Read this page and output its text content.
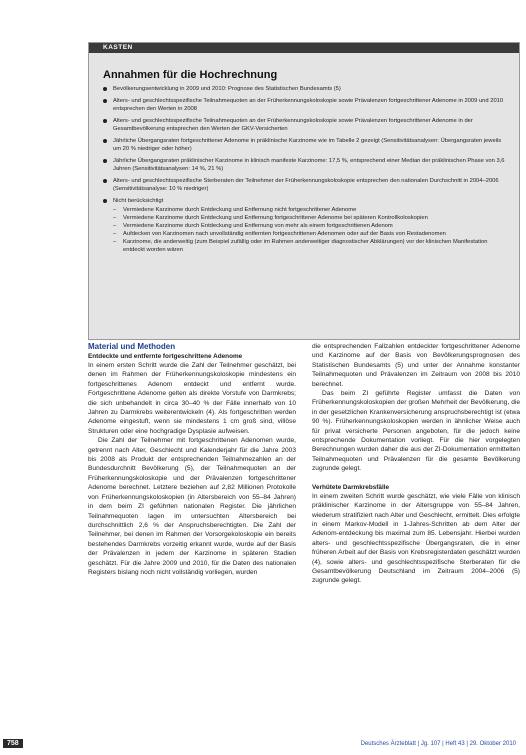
KASTEN
Annahmen für die Hochrechnung
Bevölkerungsentwicklung in 2009 und 2010: Prognose des Statistischen Bundesamts (5)
Alters- und geschlechtsspezifische Teilnahmequoten an der Früherkennungskoloskopie sowie Prävalenzen fortgeschrittener Adenome in 2009 und 2010 entsprechen den Werten in 2008
Alters- und geschlechtsspezifische Teilnahmequoten an der Früherkennungskoloskopie sowie Prävalenzen fortgeschrittener Adenome in der Gesamtbevölkerung entsprechen den Werten der GKV-Versicherten
Jährliche Übergangsraten fortgeschrittener Adenome in präklinische Karzinome wie im Tabelle 2 gezeigt (Sensitivitätsanalysen: Übergangsraten jeweils um 20 % niedriger oder höher)
Jährliche Übergangsraten präklinischer Karzinome in klinisch manifeste Karzinome: 17,5 %, entsprechend einer Median der präklinischen Phase von 3,6 Jahren (Sensitivitätsanalysen: 14 %, 21 %)
Alters- und geschlechtsspezifische Sterberaten der Teilnehmer der Früherkennungskoloskopie entsprechen den nationalen Durchschnitt in 2004–2006 (Sensitivitätsanalyse: 10 % niedriger)
Nicht berücksichtigt
– Vermiedene Karzinome durch Entdeckung und Entfernung nicht fortgeschrittener Adenome
– Vermiedene Karzinome durch Entdeckung und Entfernung fortgeschrittener Adenome bei späteren Kontrollkoloskopien
– Vermiedene Karzinome durch Entdeckung und Entfernung von mehr als einem fortgeschrittenen Adenom
– Aufdecken von Karzinomen nach unvollständig entfernten fortgeschrittenen Adenomen oder auf der Basis von Restadenomen
– Karzinome, die anderweitig (zum Beispiel zufällig oder im Rahmen anderweitiger diagnostischer Abklärungen) vor der klinischen Manifestation entdeckt worden wären
Material und Methoden
Entdeckte und entfernte fortgeschrittene Adenome

In einem ersten Schritt wurde die Zahl der Teilnehmer geschätzt, bei denen im Rahmen der Früherkennungskoloskopie mindestens ein fortgeschrittenes Adenom entdeckt und entfernt wurde. Fortgeschrittene Adenome gelten als direkte Vorstufe von Darmkrebs; die sich unbehandelt in circa 30–40 % der Fälle innerhalb von 10 Jahren zu Darmkrebs weiterentwickeln (4). Als fortgeschritten werden Adenome eingestuft, wenn sie mindestens 1 cm groß sind, villöse Strukturen oder eine hochgradige Dysplasie aufweisen.

Die Zahl der Teilnehmer mit fortgeschrittenen Adenomen wurde, getrennt nach Alter, Geschlecht und Kalenderjahr für die Jahre 2003 bis 2008 als Produkt der entsprechenden Teilnahmezahlen an der Bundesdurchnitt Bevölkerung (5), der Teilnahmequoten an der Früherkennungskoloskopie und der Prävalenzen fortgeschrittener Adenome berechnet. Letztere beziehen auf 2,82 Millionen Protokolle von Früherkennungskoloskopien (in Altersbereich von 55–84 Jahren) in dem beim ZI geführten nationalen Register. Die jährlichen Teilnahmequoten lagen im untersuchten Altersbereich bei durchschnittlich 2,6 % der Anspruchsberechtigten. Die Zahl der Teilnehmer, bei denen im Rahmen der Vorsorgekoloskopie ein bereits bestehendes Darmkrebs vorzeitig erkannt wurde, wurde auf der Basis der Prävalenzen in jedem der Karzinome in späteren Stadien geschätzt. Für die Jahre 2009 und 2010, für die Daten des nationalen Registers bislang noch nicht vollständig vorliegen, wurden

die entsprechenden Fallzahlen entdeckter fortgeschrittener Adenome und Karzinome auf der Basis von Bevölkerungsprognosen des Statistischen Bundesamts (5) und unter der Annahme konstanter Teilnahmequoten und Prävalenzen im Zeitraum von 2008 bis 2010 berechnet.

Das beim ZI geführte Register umfasst die Daten von Früherkennungskoloskopien der großen Mehrheit der Bevölkerung, die in der gesetzlichen Krankenversicherung anspruchsberechtigt ist (etwa 90 %). Früherkennungskoloskopien werden in ähnlicher Weise auch für privat versicherte Personen angeboten, für die jedoch keine entsprechende Dokumentation vorliegt. Für die hier vorgelegten Berechnungen wurden daher die aus der ZI-Dokumentation ermittelten Teilnahmequoten und Prävalenzen für die gesamte Bevölkerung zugrunde gelegt.

Verhütete Darmkrebsfälle

In einem zweiten Schritt wurde geschätzt, wie viele Fälle von klinisch präklinischer Karzinome in der Altersgruppe von 55–84 Jahren, wiederum stratifiziert nach Alter und Geschlecht, ermittelt. Dies erfolgte in einem Markov-Modell in 1-Jahres-Schritten ab dem Alter der Adenom-entdeckung bis maximal zum 85. Lebensjahr. Hierbei wurden alters- und geschlechtsspezifische Übergangsraten, die in einer früheren Arbeit auf der Basis von Krebsregisterdaten geschätzt wurden (4), sowie alters- und geschlechtsspezifische Sterberaten für die Gesamtbevölkerung Deutschland im Zeitraum 2004–2006 (5) zugrunde gelegt.

758	Deutsches Ärzteblatt | Jg. 107 | Heft 43 | 29. Oktober 2010
